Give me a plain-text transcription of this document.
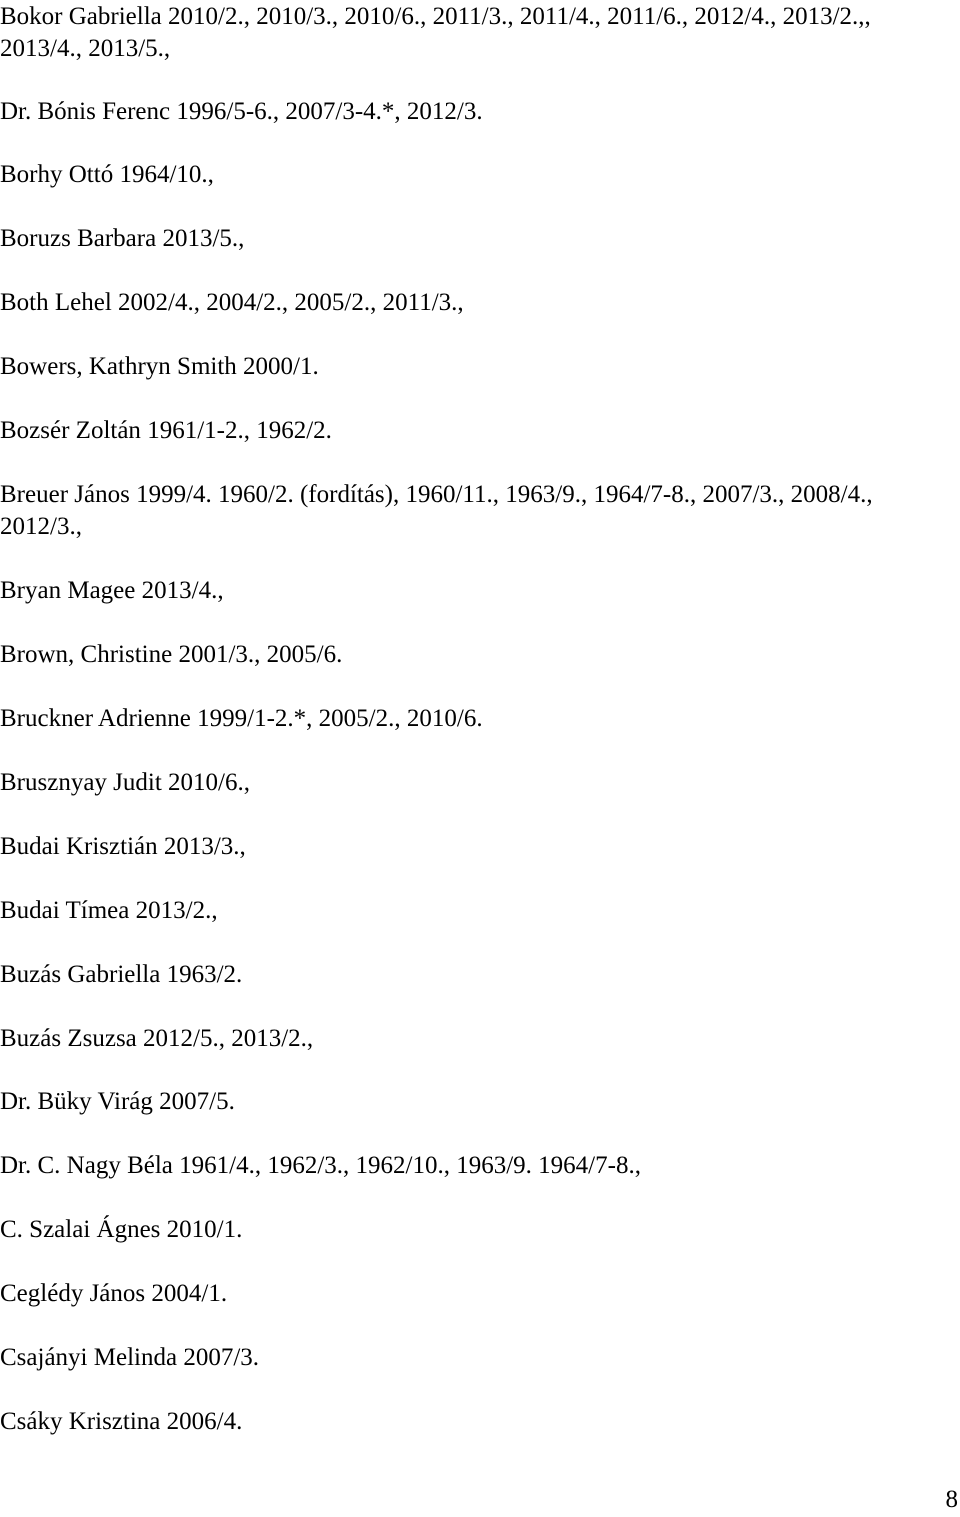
Bokor Gabriella 2010/2., 2010/3., 2010/6., 2011/3., 2011/4., 2011/6., 2012/4., 2013/2.,, 2013/4., 2013/5.,
Dr. Bónis Ferenc 1996/5-6., 2007/3-4.*, 2012/3.
Borhy Ottó 1964/10.,
Boruzs Barbara 2013/5.,
Both Lehel 2002/4., 2004/2., 2005/2., 2011/3.,
Bowers, Kathryn Smith 2000/1.
Bozsér Zoltán 1961/1-2., 1962/2.
Breuer János 1999/4. 1960/2. (fordítás), 1960/11., 1963/9., 1964/7-8., 2007/3., 2008/4., 2012/3.,
Bryan Magee 2013/4.,
Brown, Christine 2001/3., 2005/6.
Bruckner Adrienne 1999/1-2.*, 2005/2., 2010/6.
Brusznyay Judit 2010/6.,
Budai Krisztián 2013/3.,
Budai Tímea 2013/2.,
Buzás Gabriella 1963/2.
Buzás Zsuzsa 2012/5., 2013/2.,
Dr. Büky Virág 2007/5.
Dr. C. Nagy Béla 1961/4., 1962/3., 1962/10., 1963/9. 1964/7-8.,
C. Szalai Ágnes 2010/1.
Ceglédy János 2004/1.
Csajányi Melinda 2007/3.
Csáky Krisztina 2006/4.
8
